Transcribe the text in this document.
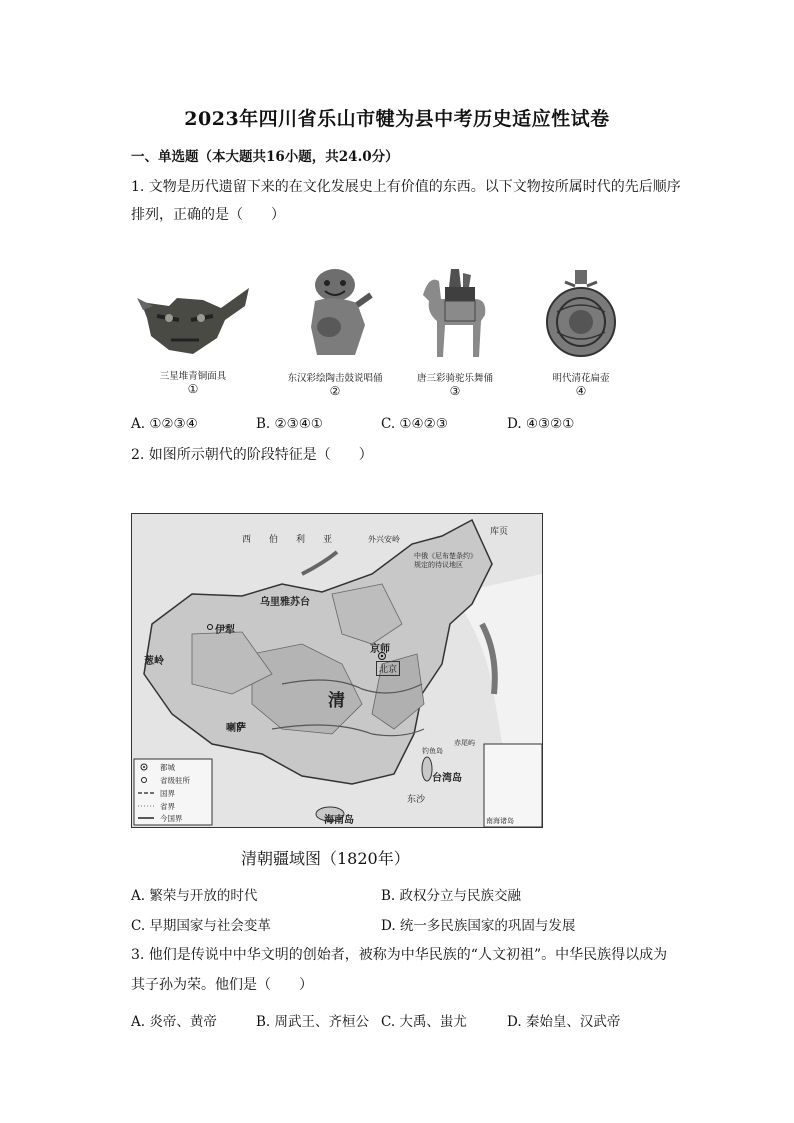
2023年四川省乐山市犍为县中考历史适应性试卷
一、单选题（本大题共16小题，共24.0分）
1. 文物是历代遗留下来的在文化发展史上有价值的东西。以下文物按所属时代的先后顺序
排列，正确的是（　　）
三星堆青铜面具
①
东汉彩绘陶击鼓说唱俑
②
唐三彩骑驼乐舞俑
③
明代清花扁壶
④
A. ①②③④	B. ②③④①	C. ①④②③	D. ④③②①
2. 如图所示朝代的阶段特征是（　　）
西　　伯　　利　　亚
乌里雅苏台
伊犁
葱岭
京师
北京
清
喇萨
台湾岛
海南岛
东沙
钓鱼岛
赤尾屿
中俄《尼布楚条约》规定的待议地区
库页
外兴安岭
南海诸岛
都城
省级驻所
国界
省界
今国界
清朝疆域图（1820年）
A. 繁荣与开放的时代	B. 政权分立与民族交融
C. 早期国家与社会变革	D. 统一多民族国家的巩固与发展
3. 他们是传说中中华文明的创始者，被称为中华民族的“人文初祖”。中华民族得以成为
其子孙为荣。他们是（　　）
A. 炎帝、黄帝	B. 周武王、齐桓公 C. 大禹、蚩尤	D. 秦始皇、汉武帝
